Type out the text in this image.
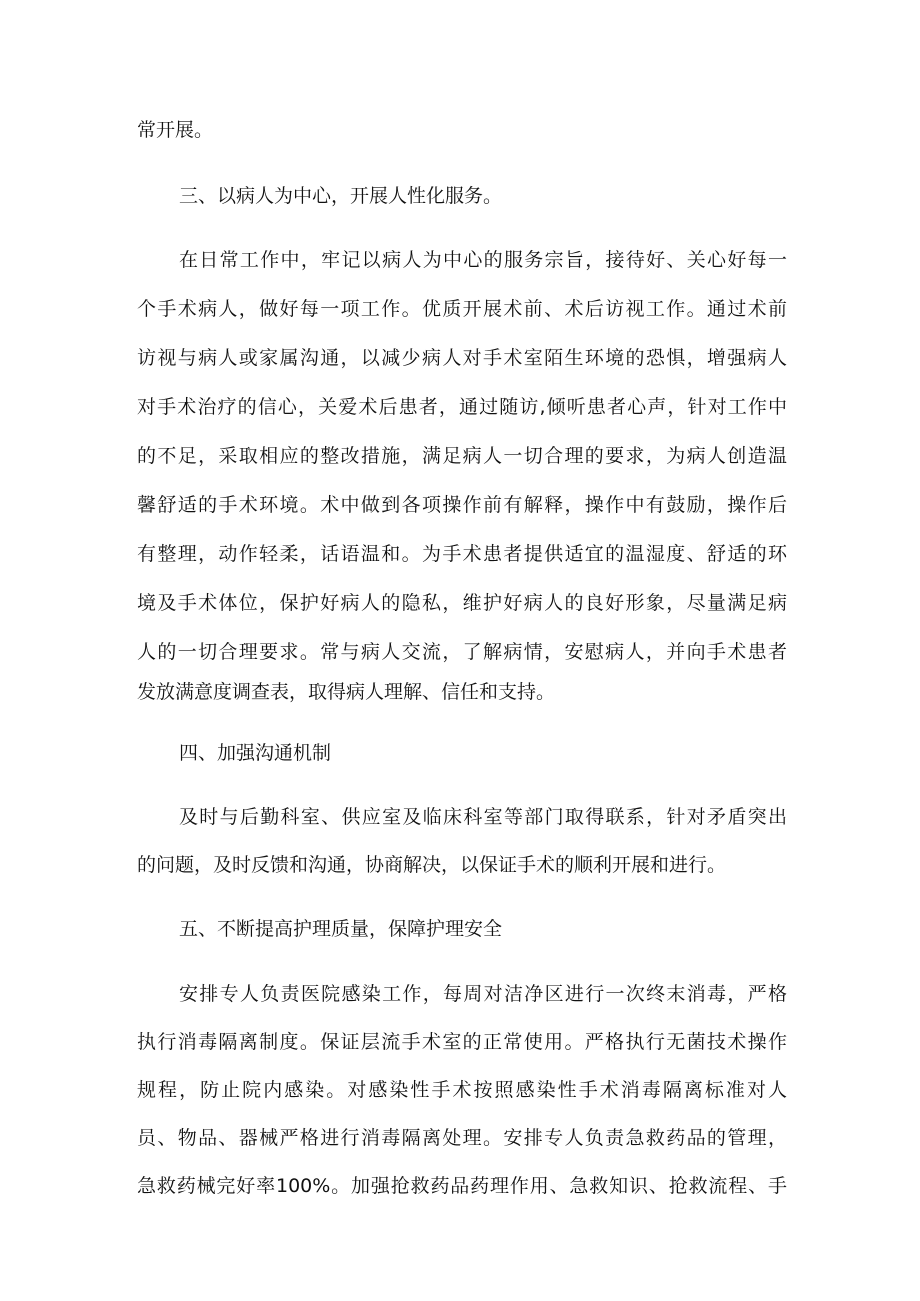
常开展。
三、以病人为中心，开展人性化服务。
在日常工作中，牢记以病人为中心的服务宗旨，接待好、关心好每一
个手术病人，做好每一项工作。优质开展术前、术后访视工作。通过术前
访视与病人或家属沟通，以减少病人对手术室陌生环境的恐惧，增强病人
对手术治疗的信心，关爱术后患者，通过随访,倾听患者心声，针对工作中
的不足，采取相应的整改措施，满足病人一切合理的要求，为病人创造温
馨舒适的手术环境。术中做到各项操作前有解释，操作中有鼓励，操作后
有整理，动作轻柔，话语温和。为手术患者提供适宜的温湿度、舒适的环
境及手术体位，保护好病人的隐私，维护好病人的良好形象，尽量满足病
人的一切合理要求。常与病人交流，了解病情，安慰病人，并向手术患者
发放满意度调查表，取得病人理解、信任和支持。
四、加强沟通机制
及时与后勤科室、供应室及临床科室等部门取得联系，针对矛盾突出
的问题，及时反馈和沟通，协商解决，以保证手术的顺利开展和进行。
五、不断提高护理质量，保障护理安全
安排专人负责医院感染工作，每周对洁净区进行一次终末消毒，严格
执行消毒隔离制度。保证层流手术室的正常使用。严格执行无菌技术操作
规程，防止院内感染。对感染性手术按照感染性手术消毒隔离标准对人
员、物品、器械严格进行消毒隔离处理。安排专人负责急救药品的管理，
急救药械完好率100%。加强抢救药品药理作用、急救知识、抢救流程、手
